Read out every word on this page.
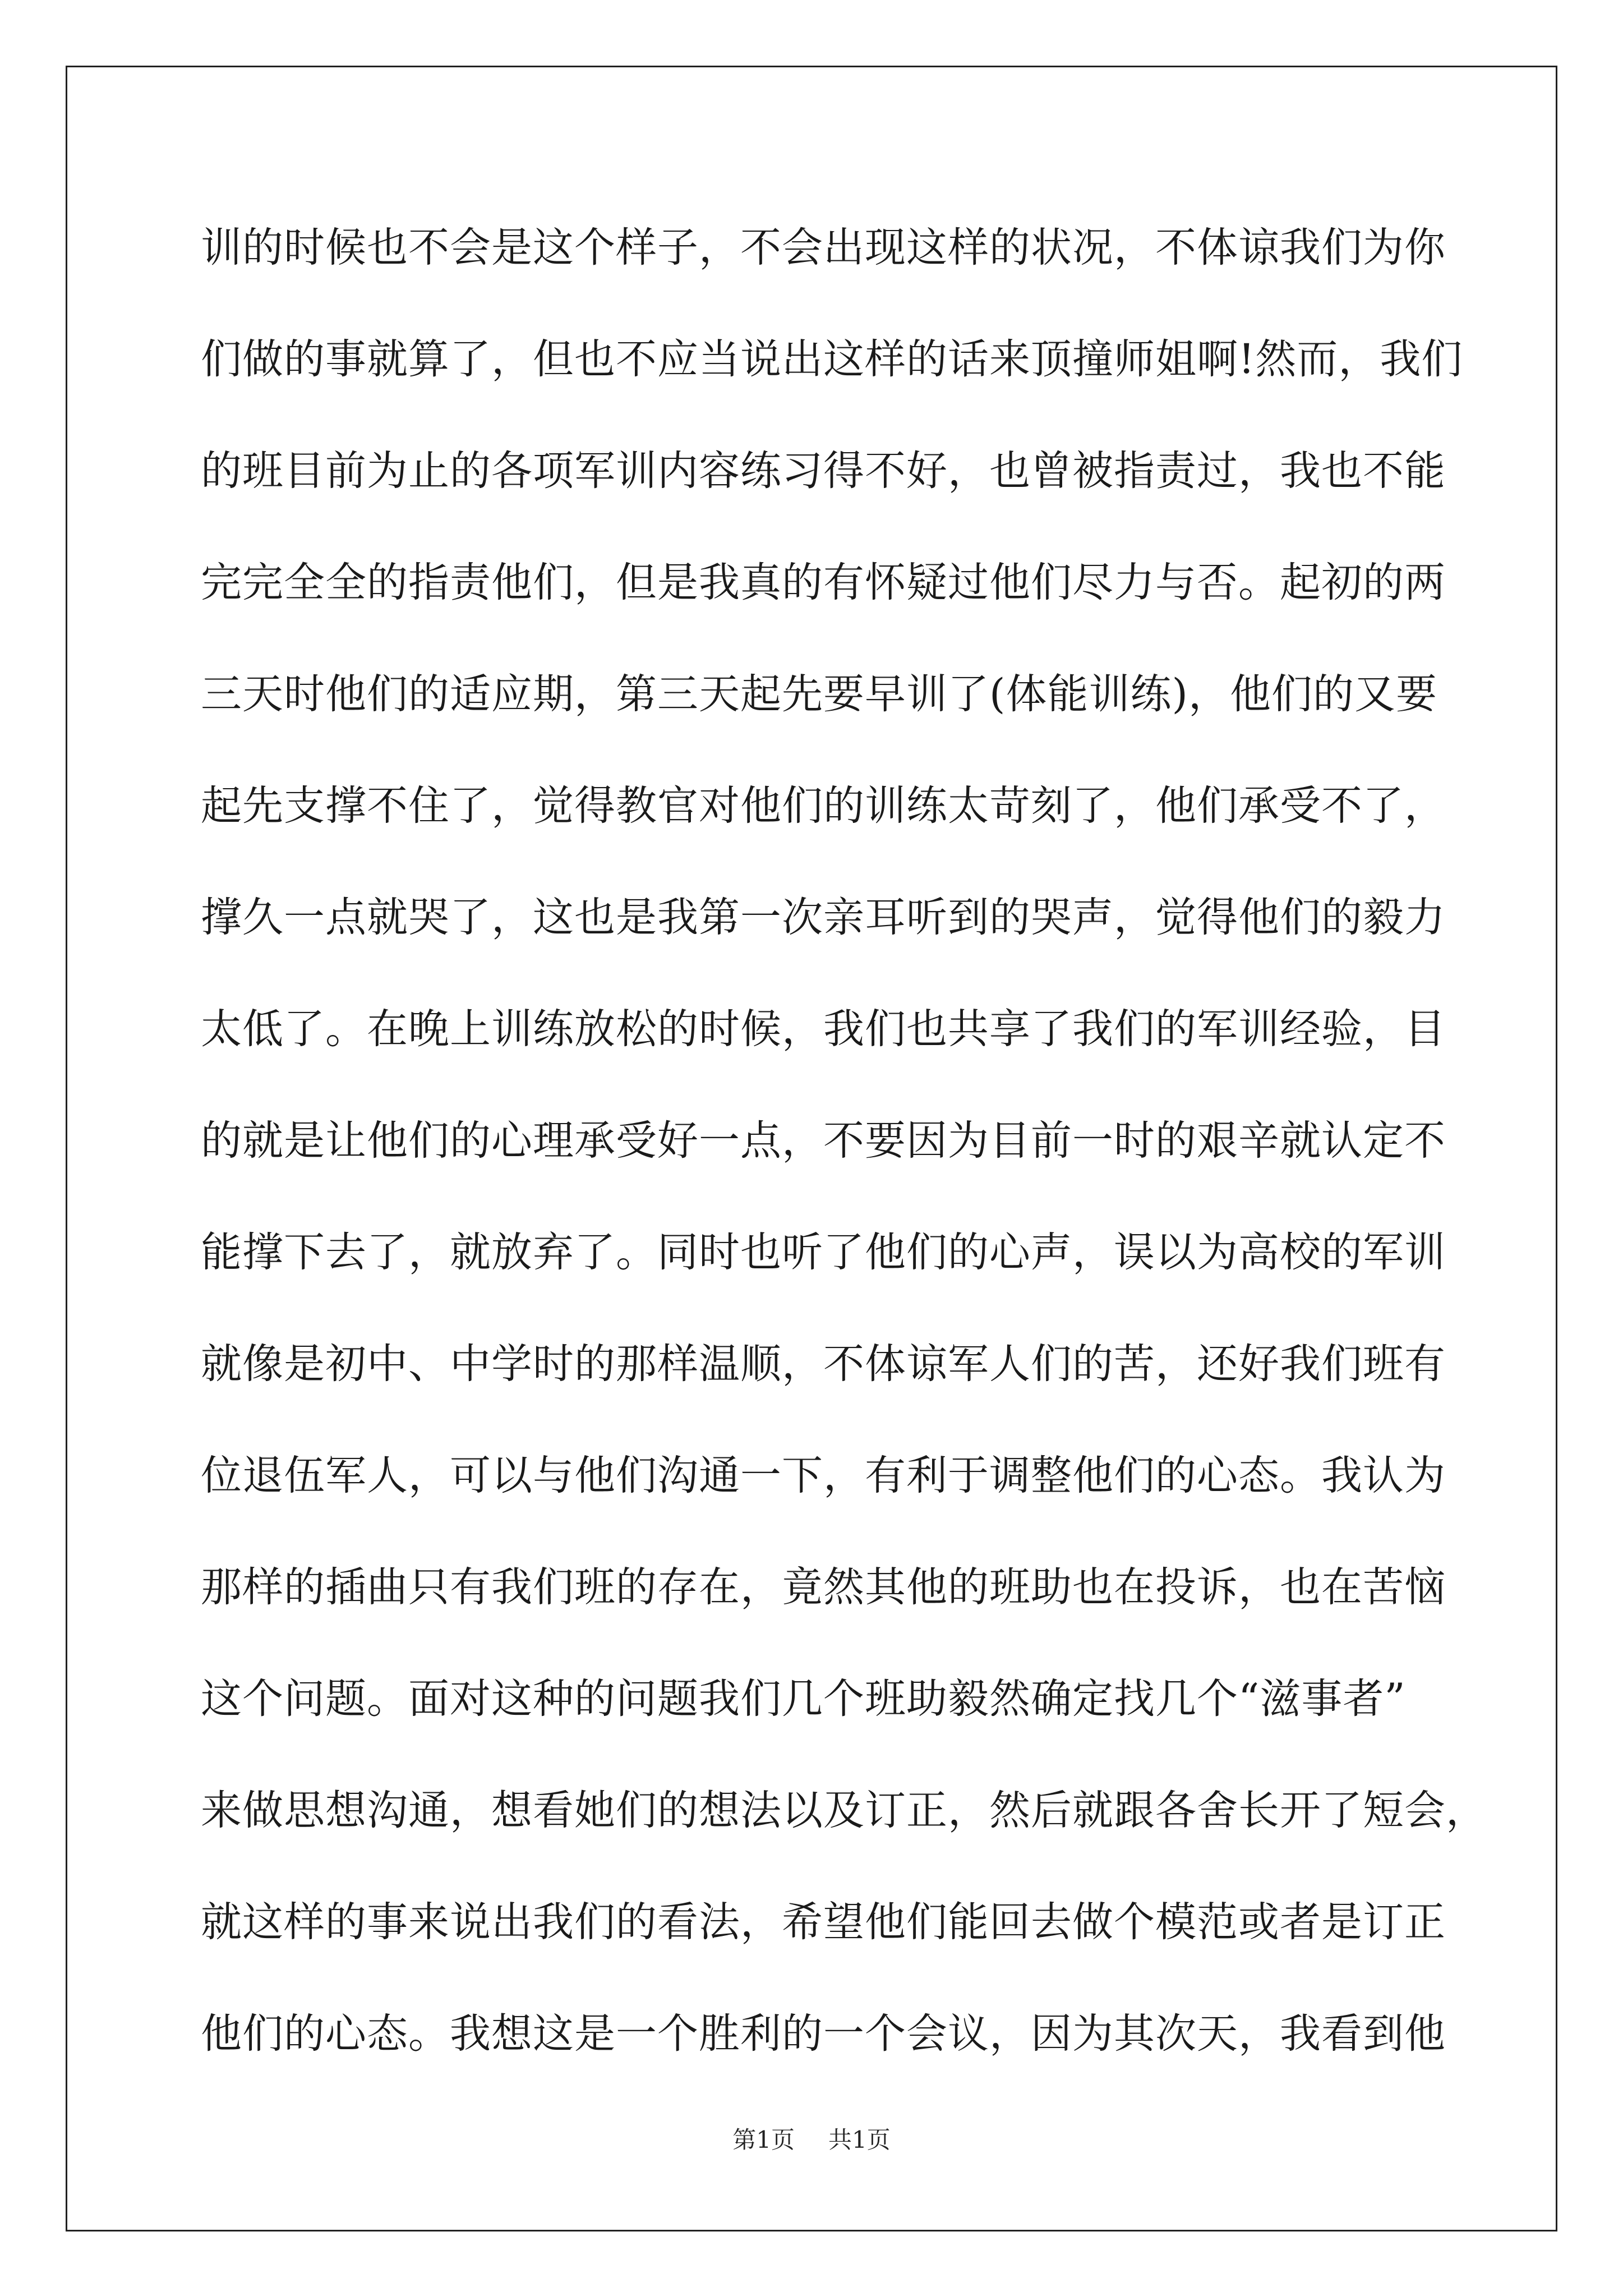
训的时候也不会是这个样子，不会出现这样的状况，不体谅我们为你
们做的事就算了，但也不应当说出这样的话来顶撞师姐啊!然而，我们
的班目前为止的各项军训内容练习得不好，也曾被指责过，我也不能
完完全全的指责他们，但是我真的有怀疑过他们尽力与否。起初的两
三天时他们的适应期，第三天起先要早训了(体能训练)，他们的又要
起先支撑不住了，觉得教官对他们的训练太苛刻了，他们承受不了，
撑久一点就哭了，这也是我第一次亲耳听到的哭声，觉得他们的毅力
太低了。在晚上训练放松的时候，我们也共享了我们的军训经验，目
的就是让他们的心理承受好一点，不要因为目前一时的艰辛就认定不
能撑下去了，就放弃了。同时也听了他们的心声，误以为高校的军训
就像是初中、中学时的那样温顺，不体谅军人们的苦，还好我们班有
位退伍军人，可以与他们沟通一下，有利于调整他们的心态。我认为
那样的插曲只有我们班的存在，竟然其他的班助也在投诉，也在苦恼
这个问题。面对这种的问题我们几个班助毅然确定找几个“滋事者”
来做思想沟通，想看她们的想法以及订正，然后就跟各舍长开了短会，
就这样的事来说出我们的看法，希望他们能回去做个模范或者是订正
他们的心态。我想这是一个胜利的一个会议，因为其次天，我看到他
第1页 共1页
